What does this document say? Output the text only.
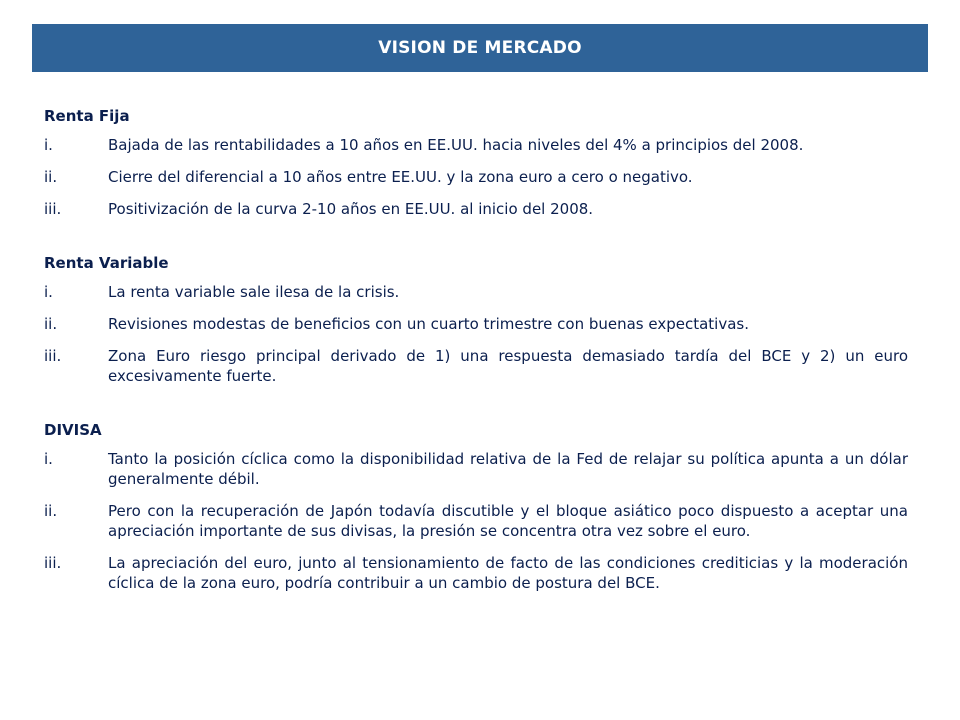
VISION DE MERCADO
Renta Fija
i.	Bajada de las rentabilidades a 10 años en EE.UU. hacia niveles del 4% a principios del 2008.
ii.	Cierre del diferencial a 10 años entre EE.UU. y la zona euro a cero o negativo.
iii.	Positivización de la curva 2-10 años en EE.UU. al inicio del 2008.
Renta Variable
i.	La renta variable sale ilesa de la crisis.
ii.	Revisiones modestas de beneficios con un cuarto trimestre con buenas expectativas.
iii.	Zona Euro riesgo principal derivado de 1) una respuesta demasiado tardía del BCE y 2) un euro excesivamente fuerte.
DIVISA
i.	Tanto la posición cíclica como la disponibilidad relativa de la Fed de relajar su política apunta a un dólar generalmente débil.
ii.	Pero con la recuperación de Japón todavía discutible y el bloque asiático poco dispuesto a aceptar una apreciación importante de sus divisas, la presión se concentra otra vez sobre el euro.
iii.	La apreciación del euro, junto al tensionamiento de facto de las condiciones crediticias y la moderación cíclica de la zona euro, podría contribuir a un cambio de postura del BCE.
